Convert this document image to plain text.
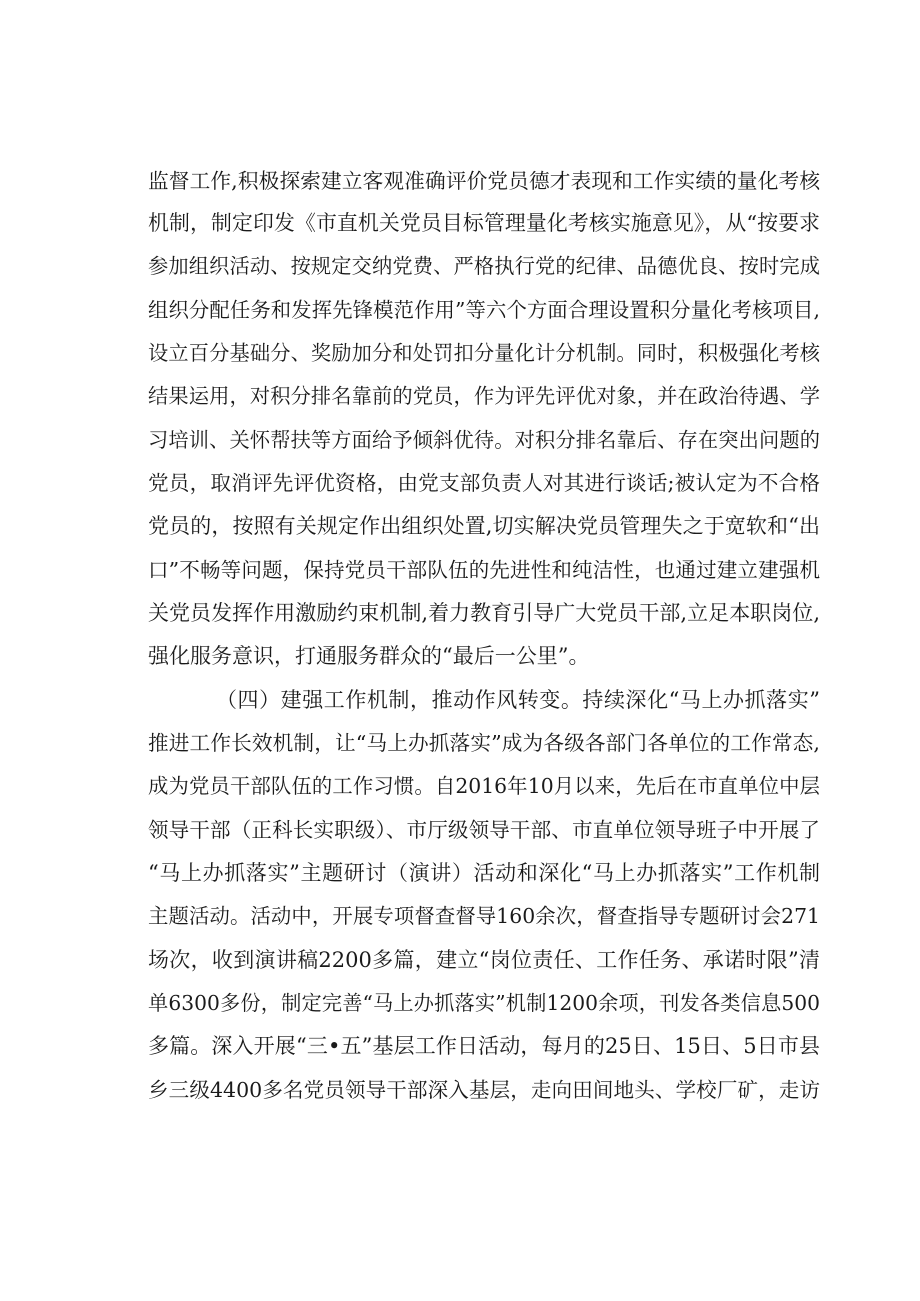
监督工作,积极探索建立客观准确评价党员德才表现和工作实绩的量化考核
机制，制定印发《市直机关党员目标管理量化考核实施意见》，从“按要求
参加组织活动、按规定交纳党费、严格执行党的纪律、品德优良、按时完成
组织分配任务和发挥先锋模范作用”等六个方面合理设置积分量化考核项目,
设立百分基础分、奖励加分和处罚扣分量化计分机制。同时，积极强化考核
结果运用，对积分排名靠前的党员，作为评先评优对象，并在政治待遇、学
习培训、关怀帮扶等方面给予倾斜优待。对积分排名靠后、存在突出问题的
党员，取消评先评优资格，由党支部负责人对其进行谈话;被认定为不合格
党员的，按照有关规定作出组织处置,切实解决党员管理失之于宽软和“出
口”不畅等问题，保持党员干部队伍的先进性和纯洁性，也通过建立建强机
关党员发挥作用激励约束机制,着力教育引导广大党员干部,立足本职岗位,
强化服务意识，打通服务群众的“最后一公里”。
（四）建强工作机制，推动作风转变。持续深化“马上办抓落实”
推进工作长效机制，让“马上办抓落实”成为各级各部门各单位的工作常态,
成为党员干部队伍的工作习惯。自2016年10月以来，先后在市直单位中层
领导干部（正科长实职级）、市厅级领导干部、市直单位领导班子中开展了
“马上办抓落实”主题研讨（演讲）活动和深化“马上办抓落实”工作机制
主题活动。活动中，开展专项督查督导160余次，督查指导专题研讨会271
场次，收到演讲稿2200多篇，建立“岗位责任、工作任务、承诺时限”清
单6300多份，制定完善“马上办抓落实”机制1200余项，刊发各类信息500
多篇。深入开展“三•五”基层工作日活动，每月的25日、15日、5日市县
乡三级4400多名党员领导干部深入基层，走向田间地头、学校厂矿，走访
